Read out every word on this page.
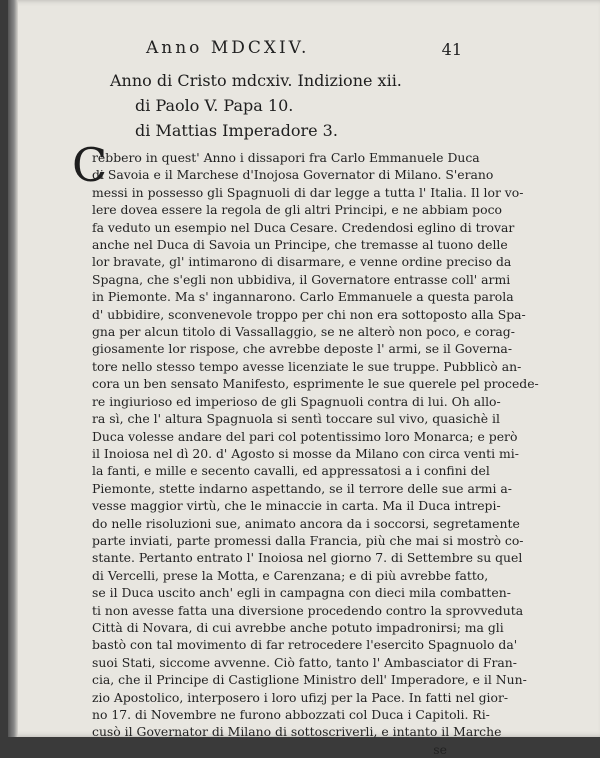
Anno MDCXIV.	41
Anno di Cristo mdcxiv. Indizione xii.
di Paolo V. Papa 10.
di Mattias Imperadore 3.
C
rebbero in quest' Anno i dissapori fra Carlo Emmanuele Duca
di Savoia e il Marchese d'Inojosa Governator di Milano. S'erano
messi in possesso gli Spagnuoli di dar legge a tutta l' Italia. Il lor vo-
lere dovea essere la regola de gli altri Principi, e ne abbiam poco
fa veduto un esempio nel Duca Cesare. Credendosi eglino di trovar
anche nel Duca di Savoia un Principe, che tremasse al tuono delle
lor bravate, gl' intimarono di disarmare, e venne ordine preciso da
Spagna, che s'egli non ubbidiva, il Governatore entrasse coll' armi
in Piemonte. Ma s' ingannarono. Carlo Emmanuele a questa parola
d' ubbidire, sconvenevole troppo per chi non era sottoposto alla Spa-
gna per alcun titolo di Vassallaggio, se ne alterò non poco, e corag-
giosamente lor rispose, che avrebbe deposte l' armi, se il Governa-
tore nello stesso tempo avesse licenziate le sue truppe. Pubblicò an-
cora un ben sensato Manifesto, esprimente le sue querele pel procede-
re ingiurioso ed imperioso de gli Spagnuoli contra di lui. Oh allo-
ra sì, che l' altura Spagnuola si sentì toccare sul vivo, quasichè il
Duca volesse andare del pari col potentissimo loro Monarca; e però
il Inoiosa nel dì 20. d' Agosto si mosse da Milano con circa venti mi-
la fanti, e mille e secento cavalli, ed appressatosi a i confini del
Piemonte, stette indarno aspettando, se il terrore delle sue armi a-
vesse maggior virtù, che le minaccie in carta. Ma il Duca intrepi-
do nelle risoluzioni sue, animato ancora da i soccorsi, segretamente
parte inviati, parte promessi dalla Francia, più che mai si mostrò co-
stante. Pertanto entrato l' Inoiosa nel giorno 7. di Settembre su quel
di Vercelli, prese la Motta, e Carenzana; e di più avrebbe fatto,
se il Duca uscito anch' egli in campagna con dieci mila combatten-
ti non avesse fatta una diversione procedendo contro la sprovveduta
Città di Novara, di cui avrebbe anche potuto impadronirsi; ma gli
bastò con tal movimento di far retrocedere l'esercito Spagnuolo da'
suoi Stati, siccome avvenne. Ciò fatto, tanto l' Ambasciator di Fran-
cia, che il Principe di Castiglione Ministro dell' Imperadore, e il Nun-
zio Apostolico, interposero i loro ufizj per la Pace. In fatti nel gior-
no 17. di Novembre ne furono abbozzati col Duca i Capitoli. Ri-
cusò il Governator di Milano di sottoscriverli, e intanto il Marche
se
